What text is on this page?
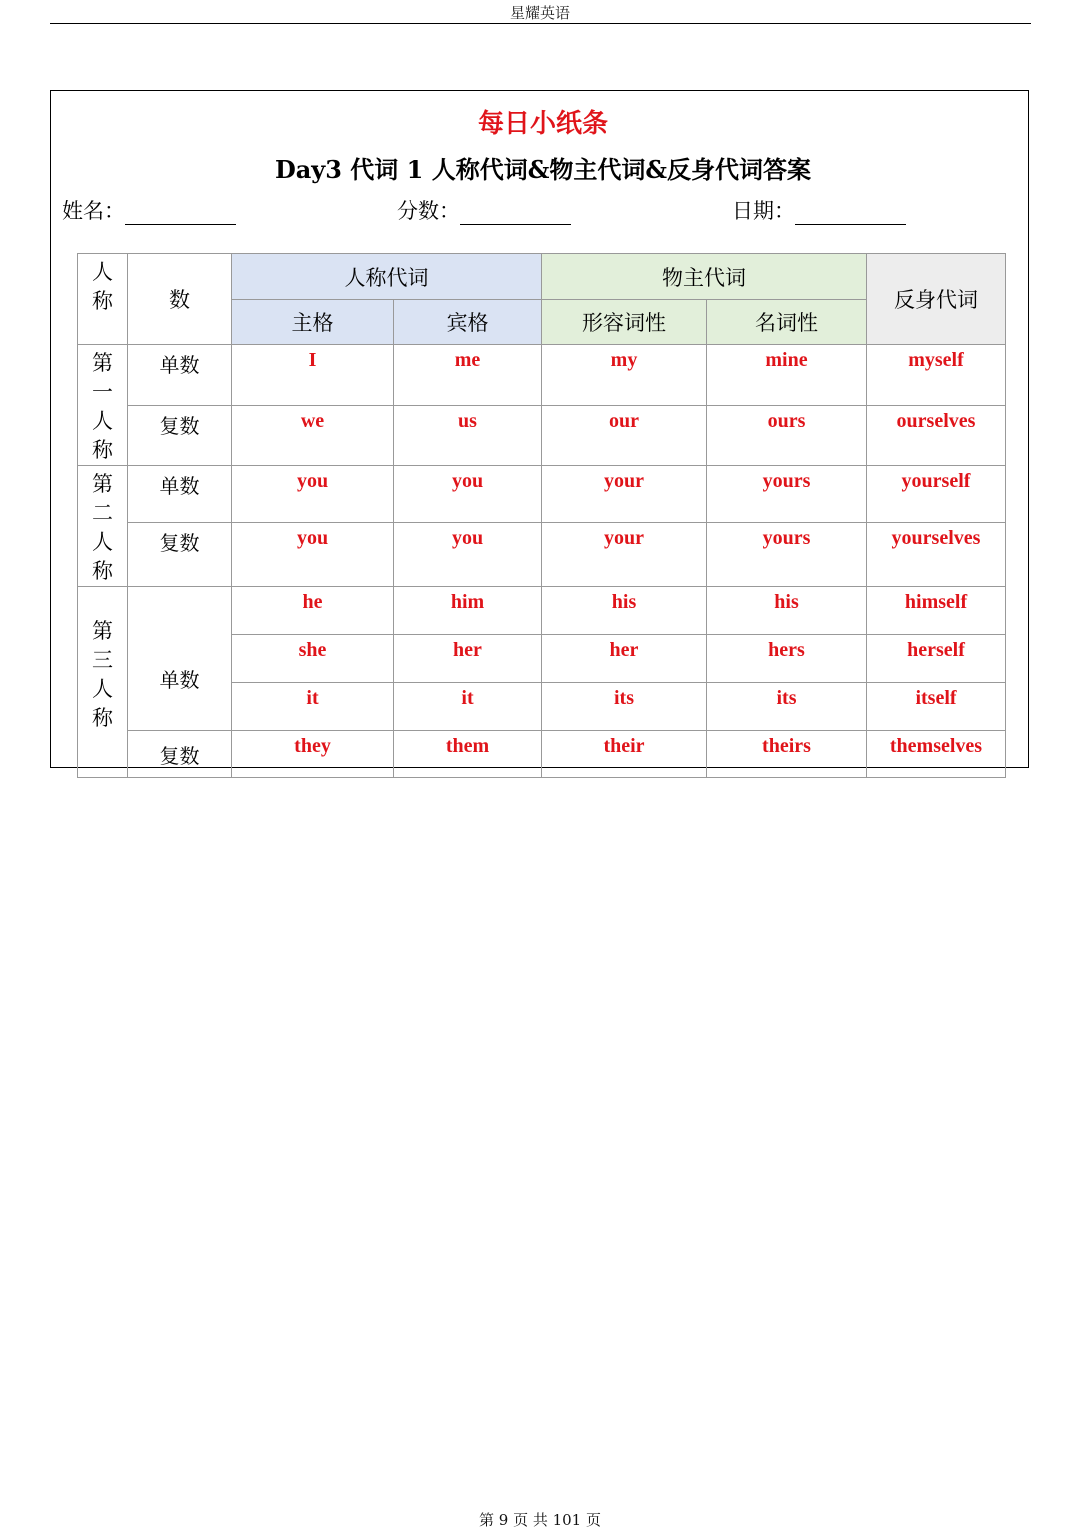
星耀英语
每日小纸条
Day3 代词 1 人称代词&物主代词&反身代词答案
姓名：	分数：	日期：
人
称	数	人称代词		物主代词		反身代词
		主格	宾格	形容词性	名词性	

第
一
人
称	单数	I	me	my	mine	myself
	复数	we	us	our	ours	ourselves

第
二
人
称	单数	you	you	your	yours	yourself
	复数	you	you	your	yours	yourselves

第
三
人
称	单数	he	him	his	his	himself
		she	her	her	hers	herself
		it	it	its	its	itself
	复数	they	them	their	theirs	themselves
第 9 页 共 101 页
